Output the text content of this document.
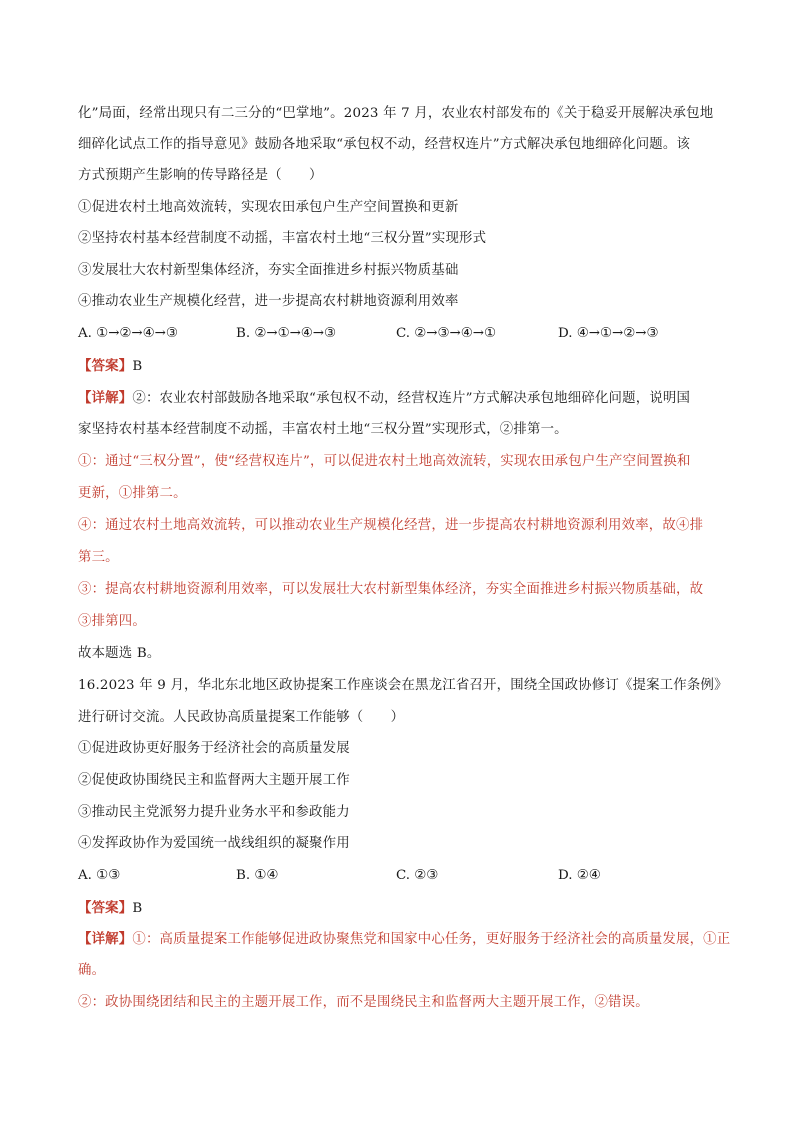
化”局面，经常出现只有二三分的“巴掌地”。2023 年 7 月，农业农村部发布的《关于稳妥开展解决承包地
细碎化试点工作的指导意见》鼓励各地采取“承包权不动，经营权连片”方式解决承包地细碎化问题。该
方式预期产生影响的传导路径是（　　）
①促进农村土地高效流转，实现农田承包户生产空间置换和更新
②坚持农村基本经营制度不动摇，丰富农村土地“三权分置”实现形式
③发展壮大农村新型集体经济，夯实全面推进乡村振兴物质基础
④推动农业生产规模化经营，进一步提高农村耕地资源利用效率
A. ①→②→④→③	B. ②→①→④→③	C. ②→③→④→①	D. ④→①→②→③
【答案】B
【详解】②：农业农村部鼓励各地采取“承包权不动，经营权连片”方式解决承包地细碎化问题，说明国
家坚持农村基本经营制度不动摇，丰富农村土地“三权分置”实现形式，②排第一。
①：通过“三权分置”，使“经营权连片”，可以促进农村土地高效流转，实现农田承包户生产空间置换和
更新，①排第二。
④：通过农村土地高效流转，可以推动农业生产规模化经营，进一步提高农村耕地资源利用效率，故④排
第三。
③：提高农村耕地资源利用效率，可以发展壮大农村新型集体经济，夯实全面推进乡村振兴物质基础，故
③排第四。
故本题选 B。
16.2023 年 9 月，华北东北地区政协提案工作座谈会在黑龙江省召开，围绕全国政协修订《提案工作条例》
进行研讨交流。人民政协高质量提案工作能够（　　）
①促进政协更好服务于经济社会的高质量发展
②促使政协围绕民主和监督两大主题开展工作
③推动民主党派努力提升业务水平和参政能力
④发挥政协作为爱国统一战线组织的凝聚作用
A. ①③	B. ①④	C. ②③	D. ②④
【答案】B
【详解】①：高质量提案工作能够促进政协聚焦党和国家中心任务，更好服务于经济社会的高质量发展，①正
确。
②：政协围绕团结和民主的主题开展工作，而不是围绕民主和监督两大主题开展工作，②错误。
